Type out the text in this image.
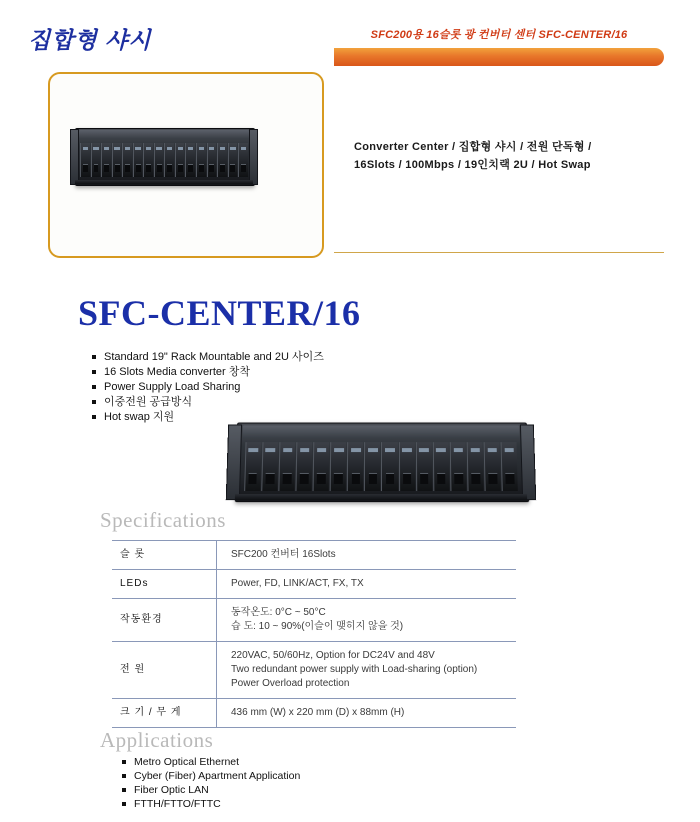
집합형 샤시	SFC200용 16슬롯 광 컨버터 센터 SFC-CENTER/16
Converter Center / 집합형 샤시 / 전원 단독형 /
16Slots / 100Mbps / 19인치랙 2U / Hot Swap
SFC-CENTER/16
Standard 19" Rack Mountable and 2U 사이즈
16 Slots Media converter 창착
Power Supply Load Sharing
이중전원 공급방식
Hot swap 지원
Specifications
슬 롯	SFC200 컨버터 16Slots

LEDs	Power, FD, LINK/ACT, FX, TX

작동환경	동작온도: 0°C ~ 50°C
습 도: 10 ~ 90%(이슬이 맺히지 않을 것)

전 원	220VAC, 50/60Hz, Option for DC24V and 48V
Two redundant power supply with Load-sharing (option)
Power Overload protection

크 기 / 무 게	436 mm (W) x 220 mm (D) x 88mm (H)
Applications
Metro Optical Ethernet
Cyber (Fiber) Apartment Application
Fiber Optic LAN
FTTH/FTTO/FTTC
